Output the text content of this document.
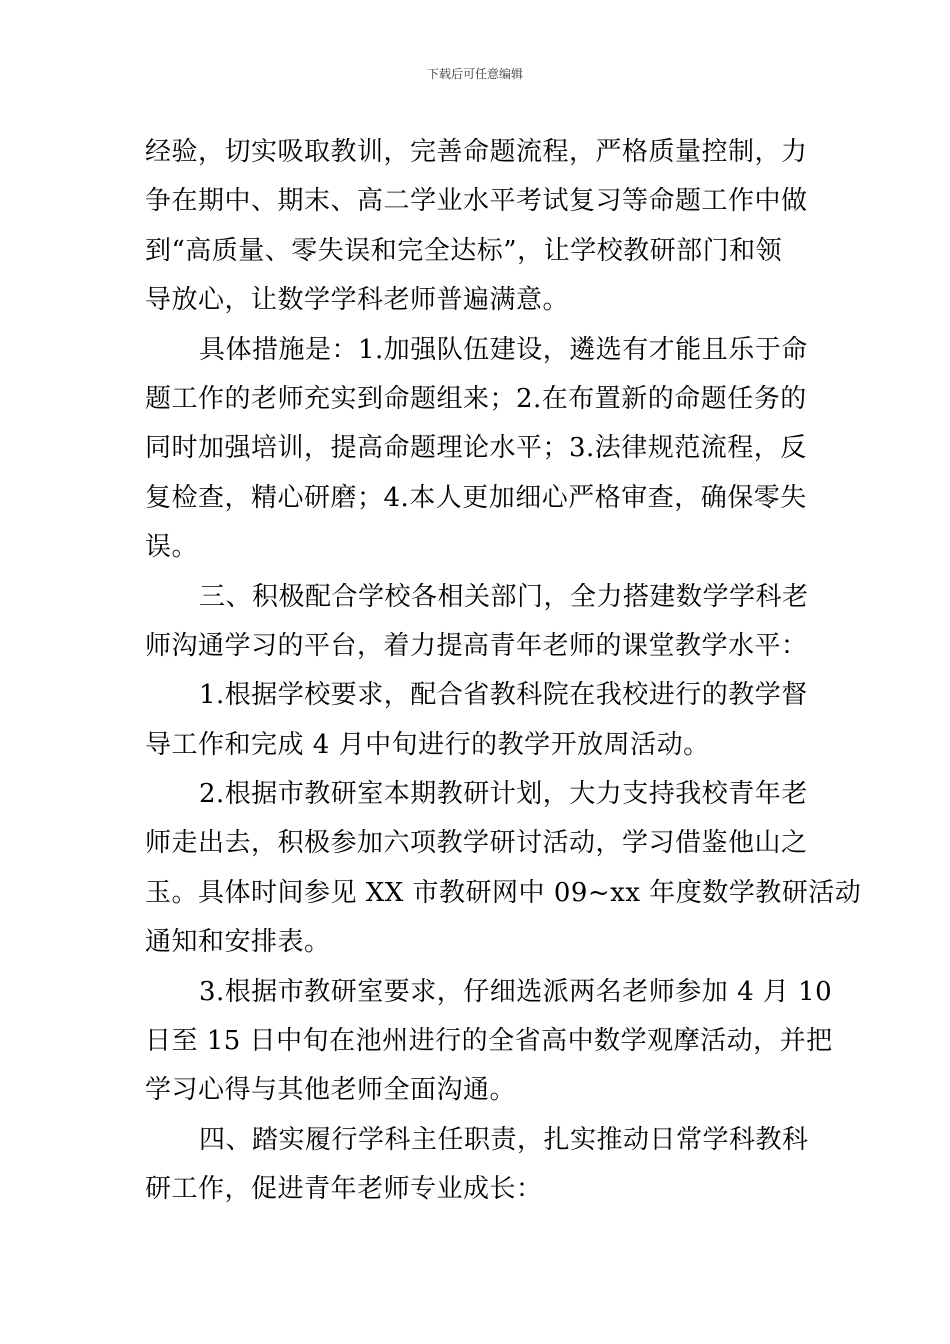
下载后可任意编辑
经验，切实吸取教训，完善命题流程，严格质量控制，力
争在期中、期末、高二学业水平考试复习等命题工作中做
到“高质量、零失误和完全达标”，让学校教研部门和领
导放心，让数学学科老师普遍满意。
具体措施是：1.加强队伍建设，遴选有才能且乐于命
题工作的老师充实到命题组来；2.在布置新的命题任务的
同时加强培训，提高命题理论水平；3.法律规范流程，反
复检查，精心研磨；4.本人更加细心严格审查，确保零失
误。
三、积极配合学校各相关部门，全力搭建数学学科老
师沟通学习的平台，着力提高青年老师的课堂教学水平：
1.根据学校要求，配合省教科院在我校进行的教学督
导工作和完成 4 月中旬进行的教学开放周活动。
2.根据市教研室本期教研计划，大力支持我校青年老
师走出去，积极参加六项教学研讨活动，学习借鉴他山之
玉。具体时间参见 XX 市教研网中 09~xx 年度数学教研活动
通知和安排表。
3.根据市教研室要求，仔细选派两名老师参加 4 月 10
日至 15 日中旬在池州进行的全省高中数学观摩活动，并把
学习心得与其他老师全面沟通。
四、踏实履行学科主任职责，扎实推动日常学科教科
研工作，促进青年老师专业成长：
